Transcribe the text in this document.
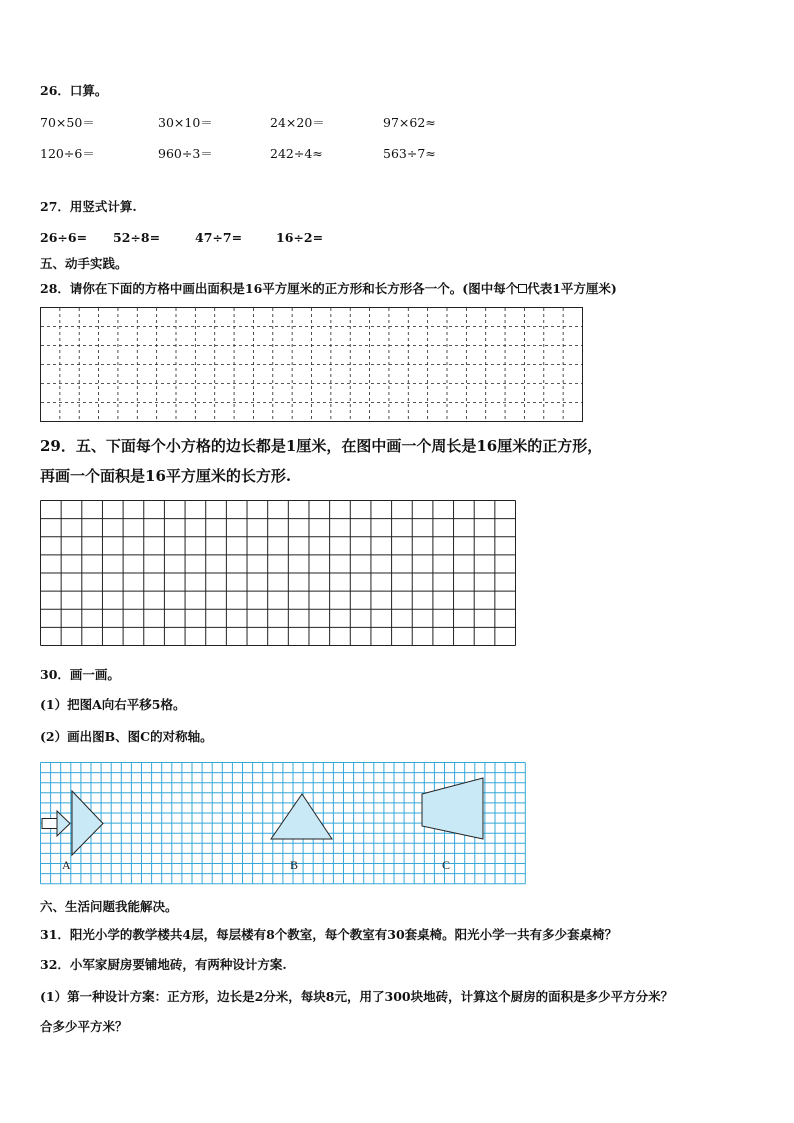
26．口算。
70×50＝	30×10＝	24×20＝	97×62≈
120÷6＝	960÷3＝	242÷4≈	563÷7≈
27．用竖式计算.
26÷6= 52÷8=	47÷7=	16÷2=
五、动手实践。
28．请你在下面的方格中画出面积是16平方厘米的正方形和长方形各一个。(图中每个 代表1平方厘米)
29．五、下面每个小方格的边长都是1厘米，在图中画一个周长是16厘米的正方形，
再画一个面积是16平方厘米的长方形.
30．画一画。
(1）把图A向右平移5格。
(2）画出图B、图C的对称轴。
A	B	C
六、生活问题我能解决。
31．阳光小学的教学楼共4层，每层楼有8个教室，每个教室有30套桌椅。阳光小学一共有多少套桌椅？
32．小军家厨房要铺地砖，有两种设计方案.
(1）第一种设计方案：正方形，边长是2分米，每块8元，用了300块地砖，计算这个厨房的面积是多少平方分米？
合多少平方米？
